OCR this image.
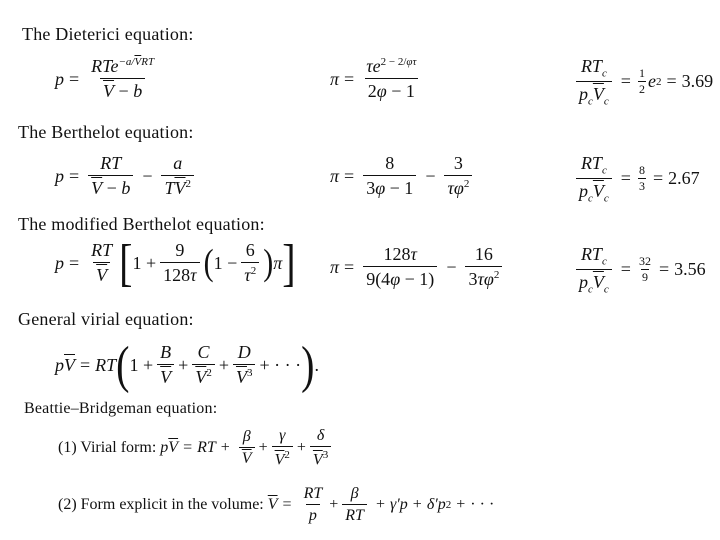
The Dieterici equation:
$p = \frac{RTe^{-a/\overline{V}RT}}{\overline{V} - b}$	$\pi = \frac{\tau e^{2 - 2/\varphi\tau}}{2\varphi - 1}$	$\frac{RT_c}{p_c\overline{V}_c} = \frac{1}{2}$ e 2 = 3.69
The Berthelot equation:
$p = \frac{RT}{\overline{V} - b} - \frac{a}{T\overline{V}^2}$	$\pi = \frac{8}{3\varphi - 1} - \frac{3}{\tau\varphi^2}$	$\frac{RT_c}{p_c\overline{V}_c} = \frac{8}{3} = 2.67$
The modified Berthelot equation:
$p = \frac{RT}{V}$ [ $1 + \frac{9}{128\tau}$ ( $1 - \frac{6}{\tau^2}$ ) π ] $\pi = \frac{128\tau}{9(4\varphi - 1)} - \frac{16}{3\tau\varphi^2}$	$\frac{RT_c}{p_c\overline{V}_c} = \frac{32}{9} = 3.56$
General virial equation:
p $\overline{V}$ = RT ( $1 + \frac{B}{V} + \frac{C}{\overline{V}^2} + \frac{D}{\overline{V}^3}$ + · · · ) .
Beattie–Bridgeman equation:
(1) Virial form: p $\overline{V}$ = RT + $\frac{\beta}{V} + \frac{\gamma}{\overline{V}^2} + \frac{\delta}{\overline{V}^3}$
(2) Form explicit in the volume: $\overline{V} = \frac{RT}{p} + \frac{\beta}{RT} + \gamma'p + \delta'p$ 2 + · · ·
